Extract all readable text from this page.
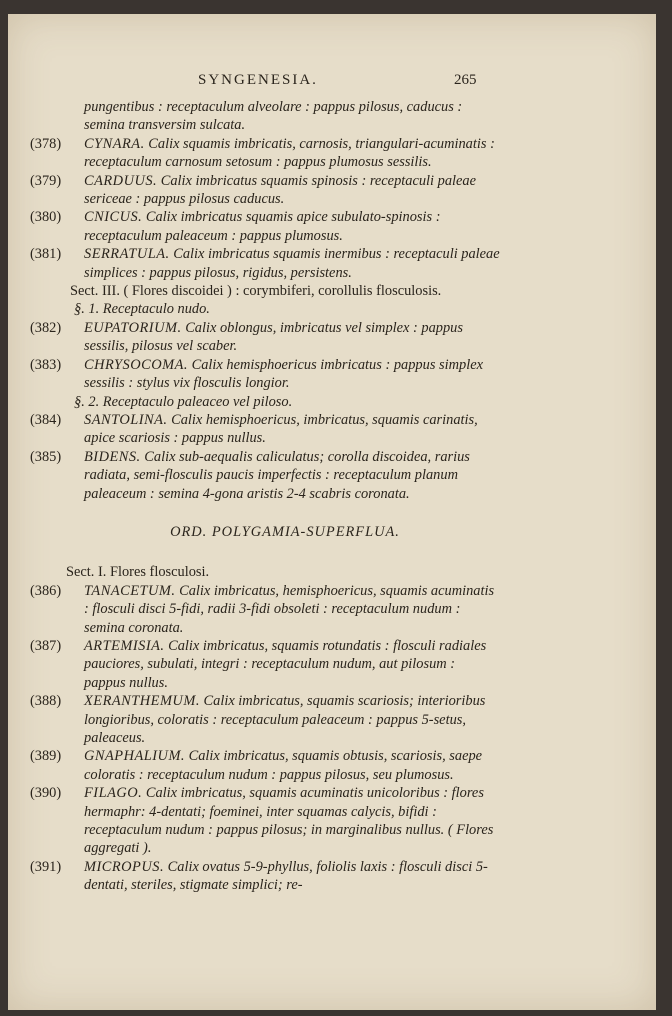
SYNGENESIA.	265
pungentibus : receptaculum alveolare : pappus pilosus, caducus : semina transversim sulcata.
(378) CYNARA. Calix squamis imbricatis, carnosis, triangulari-acuminatis : receptaculum carnosum setosum : pappus plumosus sessilis.
(379) CARDUUS. Calix imbricatus squamis spinosis : receptaculi paleae sericeae : pappus pilosus caducus.
(380) CNICUS. Calix imbricatus squamis apice subulato-spinosis : receptaculum paleaceum : pappus plumosus.
(381) SERRATULA. Calix imbricatus squamis inermibus : receptaculi paleae simplices : pappus pilosus, rigidus, persistens.
Sect. III. ( Flores discoidei ) : corymbiferi, corollulis flosculosis.
§. 1. Receptaculo nudo.
(382) EUPATORIUM. Calix oblongus, imbricatus vel simplex : pappus sessilis, pilosus vel scaber.
(383) CHRYSOCOMA. Calix hemisphoericus imbricatus : pappus simplex sessilis : stylus vix flosculis longior.
§. 2. Receptaculo paleaceo vel piloso.
(384) SANTOLINA. Calix hemisphoericus, imbricatus, squamis carinatis, apice scariosis : pappus nullus.
(385) BIDENS. Calix sub-aequalis caliculatus; corolla discoidea, rarius radiata, semi-flosculis paucis imperfectis : receptaculum planum paleaceum : semina 4-gona aristis 2-4 scabris coronata.
ORD. POLYGAMIA-SUPERFLUA.
Sect. I. Flores flosculosi.
(386) TANACETUM. Calix imbricatus, hemisphoericus, squamis acuminatis : flosculi disci 5-fidi, radii 3-fidi obsoleti : receptaculum nudum : semina coronata.
(387) ARTEMISIA. Calix imbricatus, squamis rotundatis : flosculi radiales pauciores, subulati, integri : receptaculum nudum, aut pilosum : pappus nullus.
(388) XERANTHEMUM. Calix imbricatus, squamis scariosis; interioribus longioribus, coloratis : receptaculum paleaceum : pappus 5-setus, paleaceus.
(389) GNAPHALIUM. Calix imbricatus, squamis obtusis, scariosis, saepe coloratis : receptaculum nudum : pappus pilosus, seu plumosus.
(390) FILAGO. Calix imbricatus, squamis acuminatis unicoloribus : flores hermaphr: 4-dentati; foeminei, inter squamas calycis, bifidi : receptaculum nudum : pappus pilosus; in marginalibus nullus. ( Flores aggregati ).
(391) MICROPUS. Calix ovatus 5-9-phyllus, foliolis laxis : flosculi disci 5-dentati, steriles, stigmate simplici; re-
